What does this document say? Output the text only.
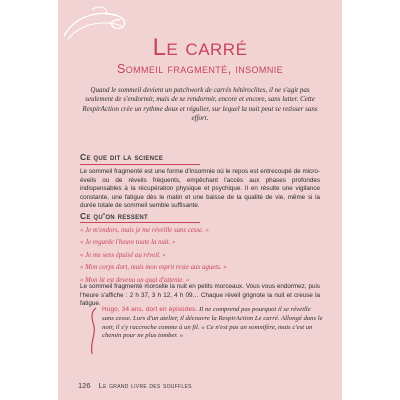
Le carré
Sommeil fragmenté, insomnie
Quand le sommeil devient un patchwork de carrés hétéroclites, il ne s'agit pas seulement de s'endormir, mais de se rendormir, encore et encore, sans lutter. Cette RespirAction crée un rythme doux et régulier, sur lequel la nuit peut se retisser sans effort.
Ce que dit la science
Le sommeil fragmenté est une forme d'insomnie où le repos est entrecoupé de micro-éveils ou de réveils fréquents, empêchant l'accès aux phases profondes indispensables à la récupération physique et psychique. Il en résulte une vigilance constante, une fatigue dès le matin et une baisse de la qualité de vie, même si la durée totale de sommeil semble suffisante.
Ce qu'on ressent
« Je m'endors, mais je me réveille sans cesse. »
« Je regarde l'heure toute la nuit. »
« Je me sens épuisé au réveil. »
« Mon corps dort, mais mon esprit reste aux aguets. »
« Mon lit est devenu un quai d'attente. »
Le sommeil fragmenté morcelle la nuit en petits morceaux. Vous vous endormez, puis l'heure s'affiche : 2 h 37, 3 h 12, 4 h 09… Chaque réveil grignote la nuit et creuse la fatigue.
Hugo, 34 ans, dort en épisodes. Il ne comprend pas pourquoi il se réveille sans cesse. Lors d'un atelier, il découvre la RespirAction Le carré. Allongé dans le noir, il s'y raccroche comme à un fil. « Ce n'est pas un somnifère, mais c'est un chemin pour ne plus tomber. »
126 Le grand livre des souffles
